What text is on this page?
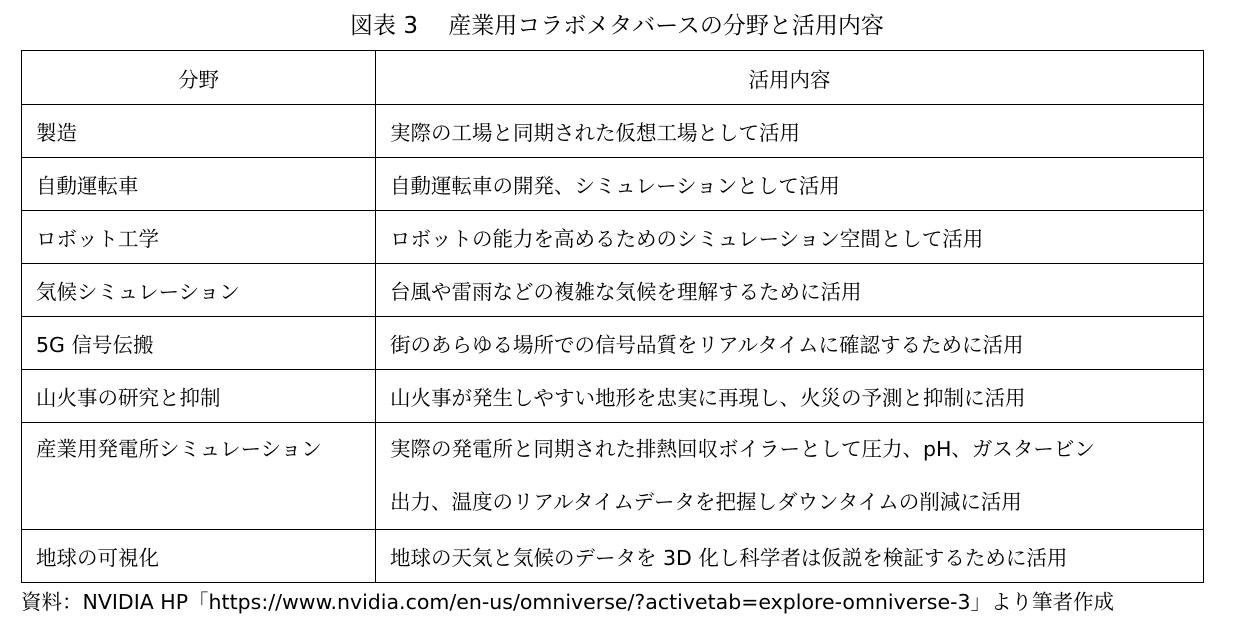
図表 3　 産業用コラボメタバースの分野と活用内容
分野	活用内容
製造	実際の工場と同期された仮想工場として活用
自動運転車	自動運転車の開発、シミュレーションとして活用
ロボット工学	ロボットの能力を高めるためのシミュレーション空間として活用
気候シミュレーション	台風や雷雨などの複雑な気候を理解するために活用
5G 信号伝搬	街のあらゆる場所での信号品質をリアルタイムに確認するために活用
山火事の研究と抑制	山火事が発生しやすい地形を忠実に再現し、火災の予測と抑制に活用
産業用発電所シミュレーション	実際の発電所と同期された排熱回収ボイラーとして圧力、pH、ガスタービン
出力、温度のリアルタイムデータを把握しダウンタイムの削減に活用
地球の可視化	地球の天気と気候のデータを 3D 化し科学者は仮説を検証するために活用
資料：NVIDIA HP「https://www.nvidia.com/en-us/omniverse/?activetab=explore-omniverse-3」より筆者作成
